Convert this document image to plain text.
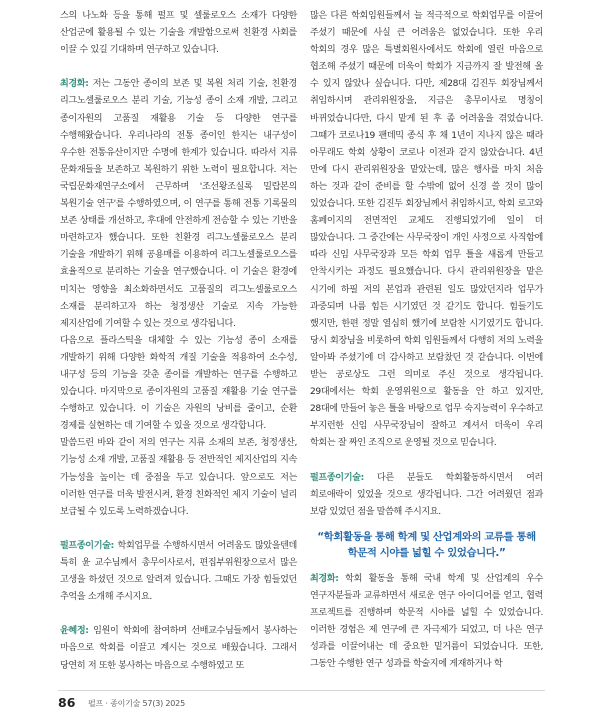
스의 나노화 등을 통해 펄프 및 셀룰로오스 소재가 다양한 산업군에 활용될 수 있는 기술을 개발함으로써 친환경 사회를 이끌 수 있길 기대하며 연구하고 있습니다.

최경화: 저는 그동안 종이의 보존 및 복원 처리 기술, 친환경 리그노셀룰로오스 분리 기술, 기능성 종이 소재 개발, 그리고 종이자원의 고품질 재활용 기술 등 다양한 연구를 수행해왔습니다. 우리나라의 전통 종이인 한지는 내구성이 우수한 전통유산이지만 수명에 한계가 있습니다. 따라서 지류 문화재들을 보존하고 복원하기 위한 노력이 필요합니다. 저는 국립문화재연구소에서 근무하며 '조선왕조실록 밀랍본의 복원기술 연구'를 수행하였으며, 이 연구를 통해 전통 기록물의 보존 상태를 개선하고, 후대에 안전하게 전승할 수 있는 기반을 마련하고자 했습니다. 또한 친환경 리그노셀룰로오스 분리 기술을 개발하기 위해 공용매를 이용하여 리그노셀룰로오스를 효율적으로 분리하는 기술을 연구했습니다. 이 기술은 환경에 미치는 영향을 최소화하면서도 고품질의 리그노셀룰로오스 소재를 분리하고자 하는 청정생산 기술로 지속 가능한 제지산업에 기여할 수 있는 것으로 생각됩니다.

다음으로 플라스틱을 대체할 수 있는 기능성 종이 소재를 개발하기 위해 다양한 화학적 개질 기술을 적용하여 소수성, 내구성 등의 기능을 갖춘 종이를 개발하는 연구를 수행하고 있습니다. 마지막으로 종이자원의 고품질 재활용 기술 연구를 수행하고 있습니다. 이 기술은 자원의 낭비를 줄이고, 순환 경제를 실현하는 데 기여할 수 있을 것으로 생각합니다.

말씀드린 바와 같이 저의 연구는 지류 소재의 보존, 청정생산, 기능성 소재 개발, 고품질 재활용 등 전반적인 제지산업의 지속 가능성을 높이는 데 중점을 두고 있습니다. 앞으로도 저는 이러한 연구를 더욱 발전시켜, 환경 친화적인 제지 기술이 널리 보급될 수 있도록 노력하겠습니다.

펄프종이기술: 학회업무를 수행하시면서 어려움도 많았을텐데 특히 윤 교수님께서 총무이사로서, 편집부위원장으로서 많은 고생을 하셨던 것으로 알려져 있습니다. 그때도 가장 힘들었던 추억을 소개해 주시지요.

윤혜정: 임원이 학회에 참여하며 선배교수님들께서 봉사하는 마음으로 학회를 이끌고 계시는 것으로 배웠습니다. 그래서 당연히 저 또한 봉사하는 마음으로 수행하였고 또

많은 다른 학회임원들께서 늘 적극적으로 학회업무를 이끌어 주셨기 때문에 사실 큰 어려움은 없었습니다. 또한 우리 학회의 경우 많은 특별회원사에서도 학회에 열린 마음으로 협조해 주셨기 때문에 더욱이 학회가 지금까지 잘 발전해 올 수 있지 않았나 싶습니다. 다만, 제28대 김진두 회장님께서 취임하시며 관리위원장을, 지금은 총무이사로 명칭이 바뀌었습니다만, 다시 맡게 된 후 좀 어려움을 겪었습니다. 그때가 코로나19 팬데믹 종식 후 채 1년이 지나지 않은 때라 아무래도 학회 상황이 코로나 이전과 같지 않았습니다. 4년 만에 다시 관리위원장을 맡았는데, 많은 행사를 마치 처음 하는 것과 같이 준비를 할 수밖에 없어 신경 쓸 것이 많이 있었습니다. 또한 김진두 회장님께서 취임하시고, 학회 로고와 홈페이지의 전면적인 교체도 진행되었기에 일이 더 많았습니다. 그 중간에는 사무국장이 개인 사정으로 사직함에 따라 신임 사무국장과 모든 학회 업무 틀을 새롭게 만들고 안착시키는 과정도 필요했습니다. 다시 관리위원장을 맡은 시기에 하필 저의 본업과 관련된 일도 많았던지라 업무가 과중되며 나름 힘든 시기였던 것 같기도 합니다. 힘들기도 했지만, 한편 정말 열심히 했기에 보람찬 시기였기도 합니다. 당시 회장님을 비롯하여 학회 임원들께서 다행히 저의 노력을 알아봐 주셨기에 더 감사하고 보람찼던 것 같습니다. 이번에 받는 공로상도 그런 의미로 주신 것으로 생각됩니다. 29대에서는 학회 운영위원으로 활동을 안 하고 있지만, 28대에 만들어 놓은 틀을 바탕으로 업무 숙지능력이 우수하고 부지런한 신임 사무국장님이 잘하고 계셔서 더욱이 우리 학회는 잘 짜인 조직으로 운영될 것으로 믿습니다.

펄프종이기술: 다른 분들도 학회활동하시면서 여러 희로애락이 있었을 것으로 생각됩니다. 그간 어려웠던 점과 보람 있었던 점을 말씀해 주시지요.

“학회활동을 통해 학계 및 산업계와의 교류를 통해 학문적 시야를 넓힐 수 있었습니다.”

최경화: 학회 활동을 통해 국내 학계 및 산업계의 우수 연구자분들과 교류하면서 새로운 연구 아이디어를 얻고, 협력 프로젝트를 진행하며 학문적 시야를 넓힐 수 있었습니다. 이러한 경험은 제 연구에 큰 자극제가 되었고, 더 나은 연구 성과를 이끌어내는 데 중요한 밑거름이 되었습니다. 또한, 그동안 수행한 연구 성과를 학술지에 게재하거나 학

86 펄프 · 종이기술 57(3) 2025
